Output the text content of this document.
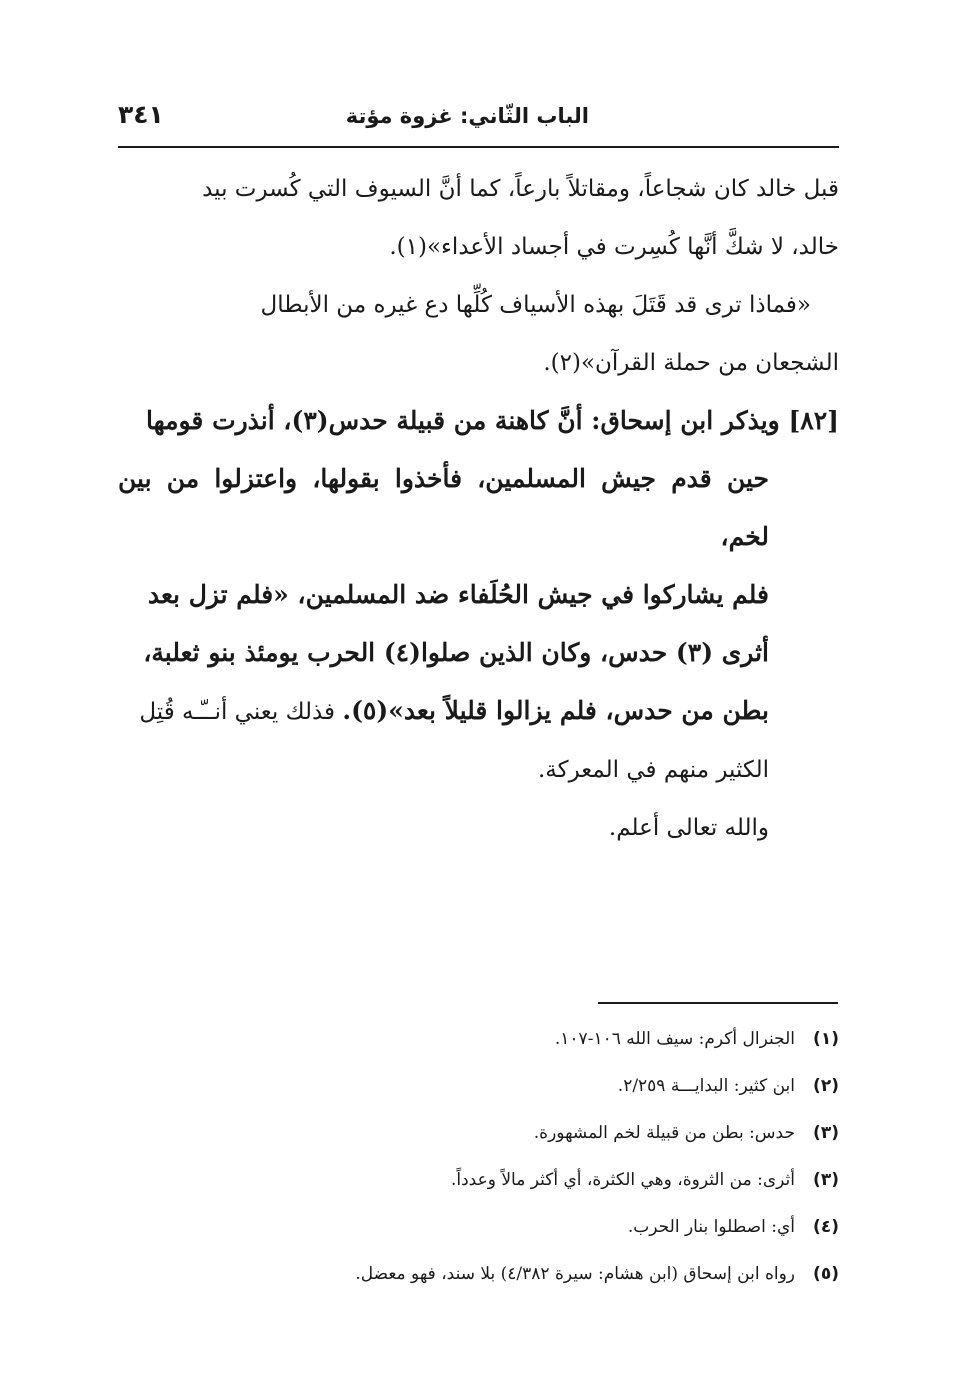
الباب الثّاني: غزوة مؤتة
٣٤١

قبل خالد كان شجاعاً، ومقاتلاً بارعاً، كما أنَّ السيوف التي كُسرت بيد

خالد، لا شكَّ أنَّها كُسِرت في أجساد الأعداء»(١).

«فماذا ترى قد قَتَلَ بهذه الأسياف كُلِّها دع غيره من الأبطال

الشجعان من حملة القرآن»(٢).

[٨٢] ويذكر ابن إسحاق: أنَّ كاهنة من قبيلة حدس(٣)، أنذرت قومها

حين قدم جيش المسلمين، فأخذوا بقولها، واعتزلوا من بين لخم،

فلم يشاركوا في جيش الحُلَفاء ضد المسلمين، «فلم تزل بعد

أثرى (٣) حدس، وكان الذين صلوا(٤) الحرب يومئذ بنو ثعلبة،

بطن من حدس، فلم يزالوا قليلاً بعد»(٥). فذلك يعني أنــّـه قُتِل

الكثير منهم في المعركة.

والله تعالى أعلم.

(١)الجنرال أكرم: سيف الله ١٠٦-١٠٧.
(٢)ابن كثير: البدايـــة ٢/٢٥٩.
(٣)حدس: بطن من قبيلة لخم المشهورة.
(٣)أثرى: من الثروة، وهي الكثرة، أي أكثر مالاً وعدداً.
(٤)أي: اصطلوا بنار الحرب.
(٥)رواه ابن إسحاق (ابن هشام: سيرة ٤/٣٨٢) بلا سند، فهو معضل.
